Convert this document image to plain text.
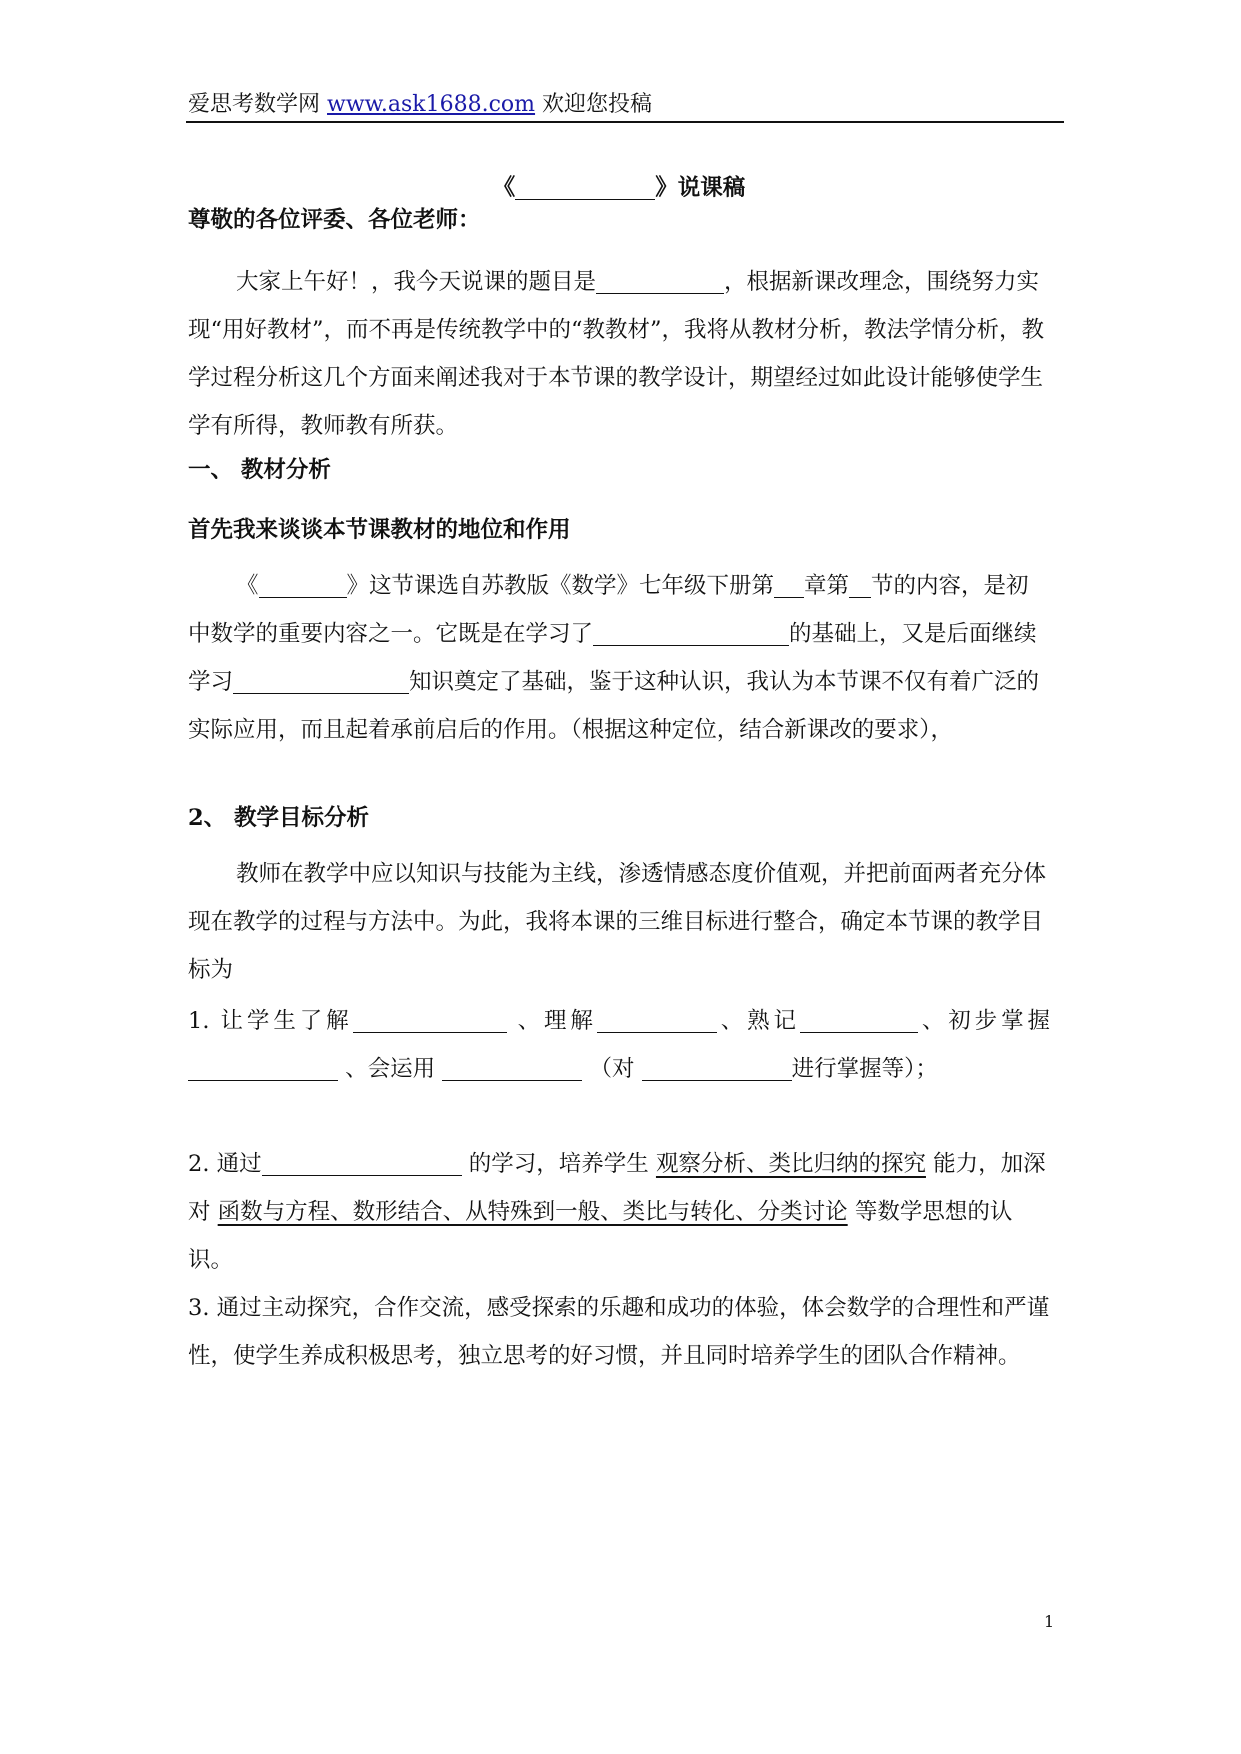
爱思考数学网 www.ask1688.com 欢迎您投稿
《	》说课稿
尊敬的各位评委、各位老师：
大家上午好！，我今天说课的题目是	，根据新课改理念，围绕努力实现“用好教材”，而不再是传统教学中的“教教材”，我将从教材分析，教法学情分析，教学过程分析这几个方面来阐述我对于本节课的教学设计，期望经过如此设计能够使学生学有所得，教师教有所获。
一、 教材分析
首先我来谈谈本节课教材的地位和作用
《	》这节课选自苏教版《数学》七年级下册第 章第 节的内容，是初中数学的重要内容之一。它既是在学习了	的基础上，又是后面继续学习	知识奠定了基础，鉴于这种认识，我认为本节课不仅有着广泛的实际应用，而且起着承前启后的作用。（根据这种定位，结合新课改的要求），
2、 教学目标分析
教师在教学中应以知识与技能为主线，渗透情感态度价值观，并把前面两者充分体现在教学的过程与方法中。为此，我将本课的三维目标进行整合，确定本节课的教学目标为
1. 让学生了解	、理解	、熟记	、初步掌握  、会运用	（对	进行掌握等）；
2. 通过	的学习，培养学生 观察分析、类比归纳的探究 能力，加深对 函数与方程、数形结合、从特殊到一般、类比与转化、分类讨论 等数学思想的认识。
3. 通过主动探究，合作交流，感受探索的乐趣和成功的体验，体会数学的合理性和严谨性，使学生养成积极思考，独立思考的好习惯，并且同时培养学生的团队合作精神。
1
